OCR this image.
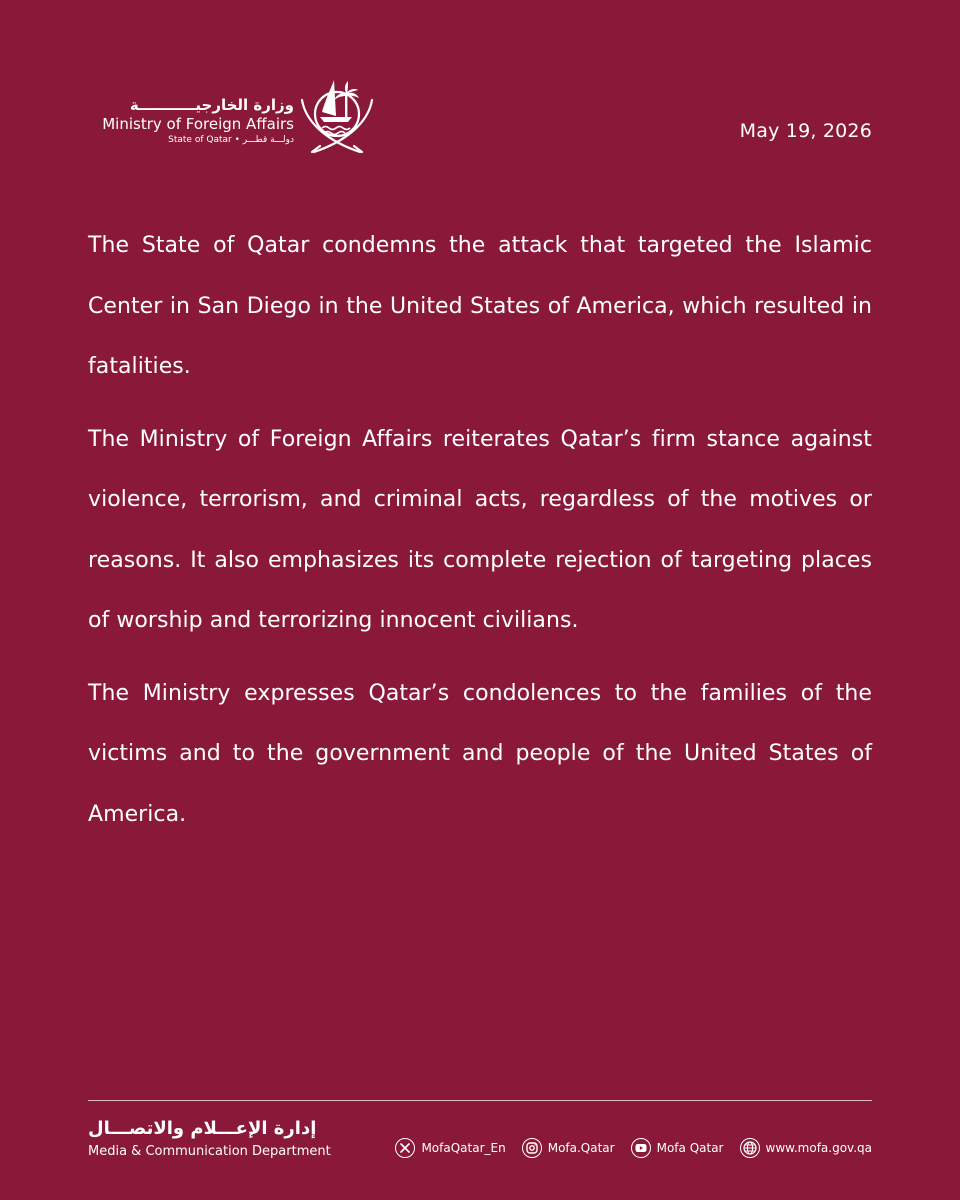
وزارة الخارجيـــــــــــة
Ministry of Foreign Affairs
State of Qatar • دولـــة قطـــر	May 19, 2026

The State of Qatar condemns the attack that targeted the Islamic Center in San Diego in the United States of America, which resulted in fatalities.

The Ministry of Foreign Affairs reiterates Qatar’s firm stance against violence, terrorism, and criminal acts, regardless of the motives or reasons. It also emphasizes its complete rejection of targeting places of worship and terrorizing innocent civilians.

The Ministry expresses Qatar’s condolences to the families of the victims and to the government and people of the United States of America.

إدارة الإعـــلام والاتصـــال
Media & Communication Department	MofaQatar_En	Mofa.Qatar	Mofa Qatar	www.mofa.gov.qa
